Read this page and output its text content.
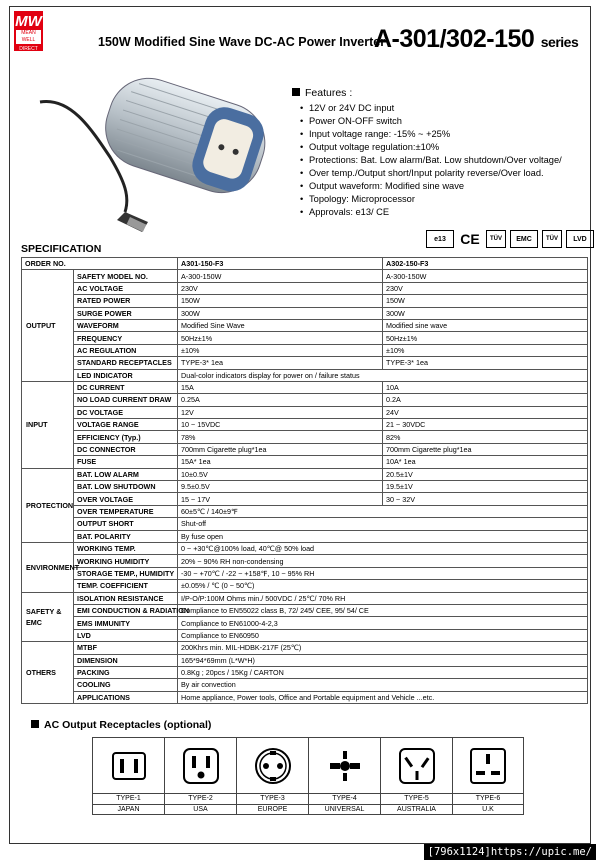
MW
MEAN WELL
DIRECT	150W Modified Sine Wave DC-AC Power Inverter
A-301/302-150 series
Features :
• 12V or 24V DC input
• Power ON-OFF switch
• Input voltage range: -15% ~ +25%
• Output voltage regulation:±10%
• Protections: Bat. Low alarm/Bat. Low shutdown/Over voltage/
• Over temp./Output short/Input polarity reverse/Over load.
• Output waveform: Modified sine wave
• Topology: Microprocessor
• Approvals: e13/ CE
e13	CE	TÜV	EMC	TÜV	LVD
SPECIFICATION
ORDER NO.		A301-150-F3	A302-150-F3
OUTPUT	SAFETY MODEL NO.	A-300-150W	A-300-150W
	AC VOLTAGE	230V	230V
	RATED POWER	150W	150W
	SURGE POWER	300W	300W
	WAVEFORM	Modified Sine Wave	Modified sine wave
	FREQUENCY	50Hz±1%	50Hz±1%
	AC REGULATION	±10%	±10%
	STANDARD RECEPTACLES	TYPE-3* 1ea	TYPE-3* 1ea
	LED INDICATOR	Dual-color indicators display for power on / failure status	
INPUT	DC CURRENT	15A	10A
	NO LOAD CURRENT DRAW	0.25A	0.2A
	DC VOLTAGE	12V	24V
	VOLTAGE RANGE	10 ~ 15VDC	21 ~ 30VDC
	EFFICIENCY (Typ.)	78%	82%
	DC CONNECTOR	700mm Cigarette plug*1ea	700mm Cigarette plug*1ea
	FUSE	15A* 1ea	10A* 1ea
PROTECTION	BAT. LOW ALARM	10±0.5V	20.5±1V
	BAT. LOW SHUTDOWN	9.5±0.5V	19.5±1V
	OVER VOLTAGE	15 ~ 17V	30 ~ 32V
	OVER TEMPERATURE	60±5℃ / 140±9℉	
	OUTPUT SHORT	Shut-off	
	BAT. POLARITY	By fuse open	
ENVIRONMENT	WORKING TEMP.	0 ~ +30℃@100% load, 40℃@ 50% load	
	WORKING HUMIDITY	20% ~ 90% RH non-condensing	
	STORAGE TEMP., HUMIDITY	-30 ~ +70℃ / -22 ~ +158℉, 10 ~ 95% RH	
	TEMP. COEFFICIENT	±0.05% / ℃ (0 ~ 50℃)	
SAFETY & EMC	ISOLATION RESISTANCE	I/P-O/P:100M Ohms min./ 500VDC / 25℃/ 70% RH	
	EMI CONDUCTION & RADIATION	Compliance to EN55022 class B, 72/ 245/ CEE, 95/ 54/ CE	
	EMS IMMUNITY	Compliance to EN61000-4-2,3	
	LVD	Compliance to EN60950	
OTHERS	MTBF	200Khrs min. MIL-HDBK-217F (25℃)	
	DIMENSION	165*94*69mm (L*W*H)	
	PACKING	0.8Kg ; 20pcs / 15Kg / CARTON	
	COOLING	By air convection	
	APPLICATIONS	Home appliance, Power tools, Office and Portable equipment and Vehicle ...etc.	
AC Output Receptacles (optional)
TYPE-1
JAPAN
TYPE-2
USA
TYPE-3
EUROPE
TYPE-4
UNIVERSAL
TYPE-5
AUSTRALIA
TYPE-6
U.K
[796x1124]https://upic.me/
